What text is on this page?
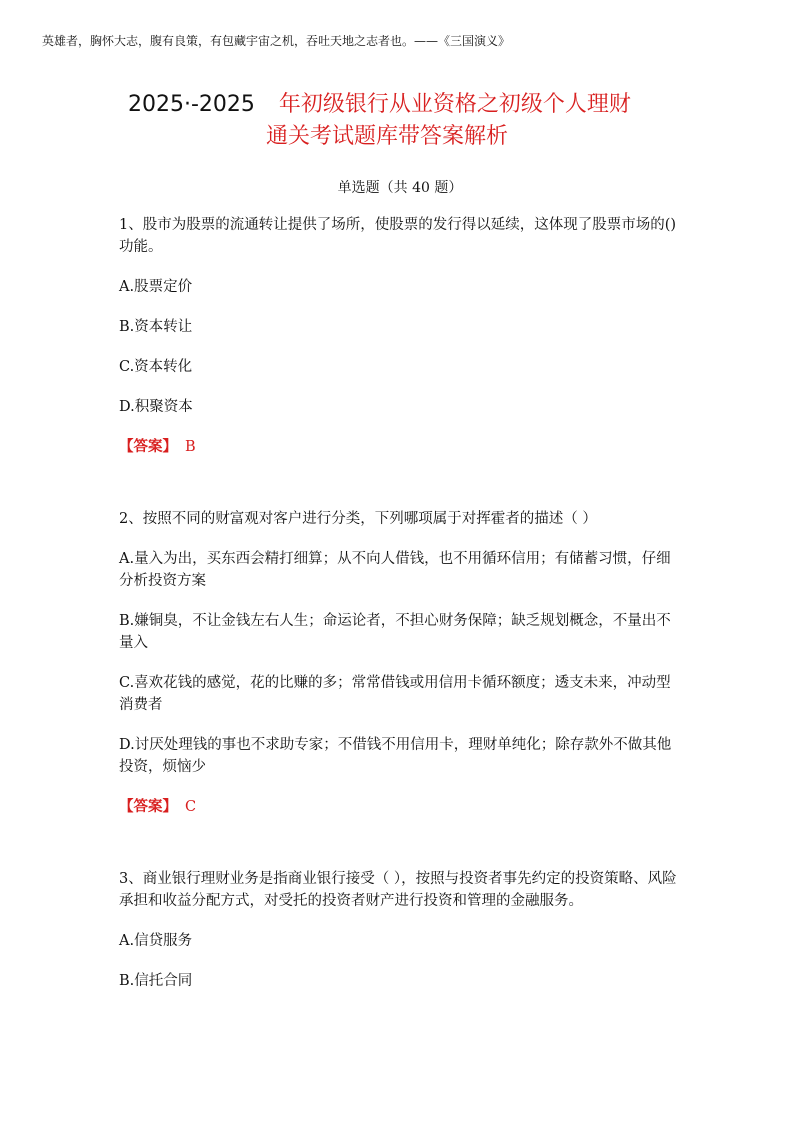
英雄者，胸怀大志，腹有良策，有包藏宇宙之机，吞吐天地之志者也。——《三国演义》
2025·-2025 年初级银行从业资格之初级个人理财
通关考试题库带答案解析
单选题（共 40 题）

1、股市为股票的流通转让提供了场所，使股票的发行得以延续，这体现了股票市场的()功能。

A.股票定价

B.资本转让

C.资本转化

D.积聚资本

【答案】 B

2、按照不同的财富观对客户进行分类，下列哪项属于对挥霍者的描述（ ）

A.量入为出，买东西会精打细算；从不向人借钱，也不用循环信用；有储蓄习惯，仔细分析投资方案

B.嫌铜臭，不让金钱左右人生；命运论者，不担心财务保障；缺乏规划概念，不量出不量入

C.喜欢花钱的感觉，花的比赚的多；常常借钱或用信用卡循环额度；透支未来，冲动型消费者

D.讨厌处理钱的事也不求助专家；不借钱不用信用卡，理财单纯化；除存款外不做其他投资，烦恼少

【答案】 C

3、商业银行理财业务是指商业银行接受（ ），按照与投资者事先约定的投资策略、风险承担和收益分配方式，对受托的投资者财产进行投资和管理的金融服务。

A.信贷服务

B.信托合同
